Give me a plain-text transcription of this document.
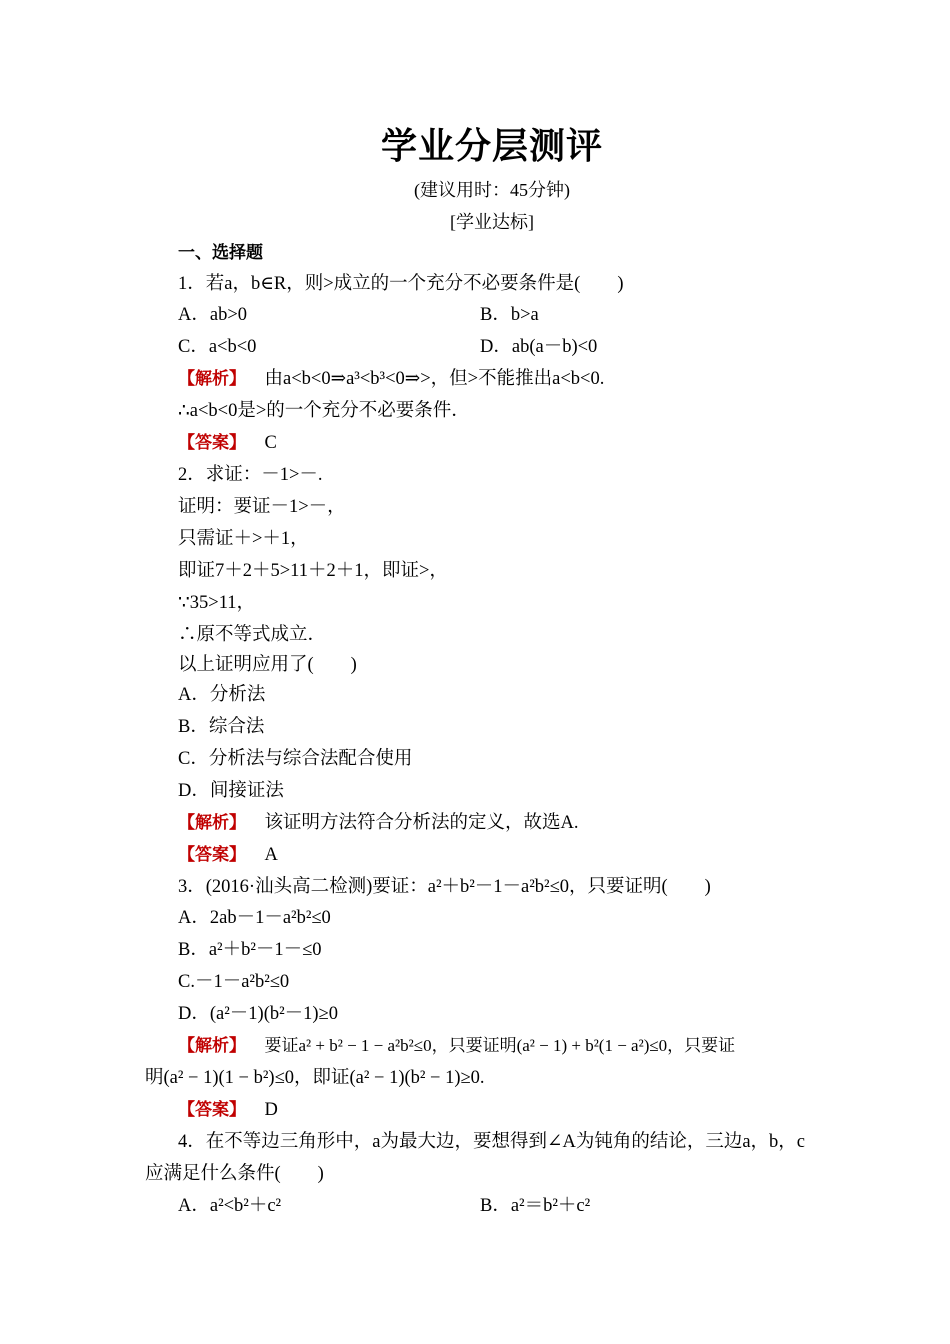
学业分层测评
(建议用时：45分钟)
[学业达标]
一、选择题
1．若a，b∈R，则>成立的一个充分不必要条件是(　　)
A．ab>0	B．b>a
C．a<b<0	D．ab(a－b)<0
【解析】 由a<b<0⇒a³<b³<0⇒>，但>不能推出a<b<0.
∴a<b<0是>的一个充分不必要条件．
【答案】 C
2．求证：－1>－.
证明：要证－1>－，
只需证＋>＋1，
即证7＋2＋5>11＋2＋1，即证>，
∵35>11，
∴原不等式成立．
以上证明应用了(　　)
A．分析法
B．综合法
C．分析法与综合法配合使用
D．间接证法
【解析】 该证明方法符合分析法的定义，故选A.
【答案】 A
3．(2016·汕头高二检测)要证：a²＋b²－1－a²b²≤0，只要证明(　　)
A．2ab－1－a²b²≤0
B．a²＋b²－1－≤0
C.－1－a²b²≤0
D．(a²－1)(b²－1)≥0
【解析】 要证a² + b² − 1 − a²b²≤0，只要证明(a² − 1) + b²(1 − a²)≤0，只要证
明(a² − 1)(1 − b²)≤0，即证(a² − 1)(b² − 1)≥0.
【答案】 D
4．在不等边三角形中，a为最大边，要想得到∠A为钝角的结论，三边a，b，c
应满足什么条件(　　)
A．a²<b²＋c²	B．a²＝b²＋c²
